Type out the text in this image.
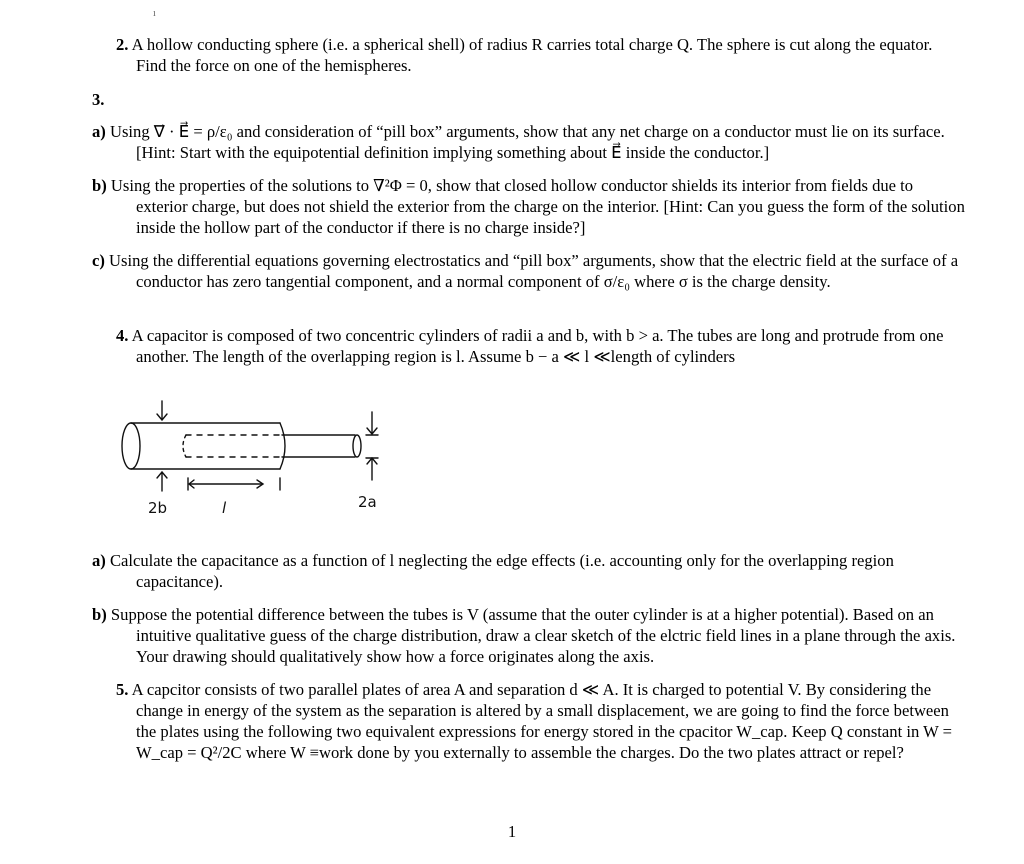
ı
2. A hollow conducting sphere (i.e. a spherical shell) of radius R carries total charge Q. The sphere is cut along the equator. Find the force on one of the hemispheres.
3.
a) Using ∇⃗ · E⃗ = ρ/ε₀ and consideration of “pill box” arguments, show that any net charge on a conductor must lie on its surface. [Hint: Start with the equipotential definition implying something about E⃗ inside the conductor.]
b) Using the properties of the solutions to ∇²Φ = 0, show that closed hollow conductor shields its interior from fields due to exterior charge, but does not shield the exterior from the charge on the interior. [Hint: Can you guess the form of the solution inside the hollow part of the conductor if there is no charge inside?]
c) Using the differential equations governing electrostatics and “pill box” arguments, show that the electric field at the surface of a conductor has zero tangential component, and a normal component of σ/ε₀ where σ is the charge density.
4. A capacitor is composed of two concentric cylinders of radii a and b, with b > a. The tubes are long and protrude from one another. The length of the overlapping region is l. Assume b − a ≪ l ≪length of cylinders
2b	l	2a
a) Calculate the capacitance as a function of l neglecting the edge effects (i.e. accounting only for the overlapping region capacitance).
b) Suppose the potential difference between the tubes is V (assume that the outer cylinder is at a higher potential). Based on an intuitive qualitative guess of the charge distribution, draw a clear sketch of the elctric field lines in a plane through the axis. Your drawing should qualitatively show how a force originates along the axis.
5. A capcitor consists of two parallel plates of area A and separation d ≪ A. It is charged to potential V. By considering the change in energy of the system as the separation is altered by a small displacement, we are going to find the force between the plates using the following two equivalent expressions for energy stored in the cpacitor W_cap. Keep Q constant in W = W_cap = Q²/2C where W ≡work done by you externally to assemble the charges. Do the two plates attract or repel?
1
